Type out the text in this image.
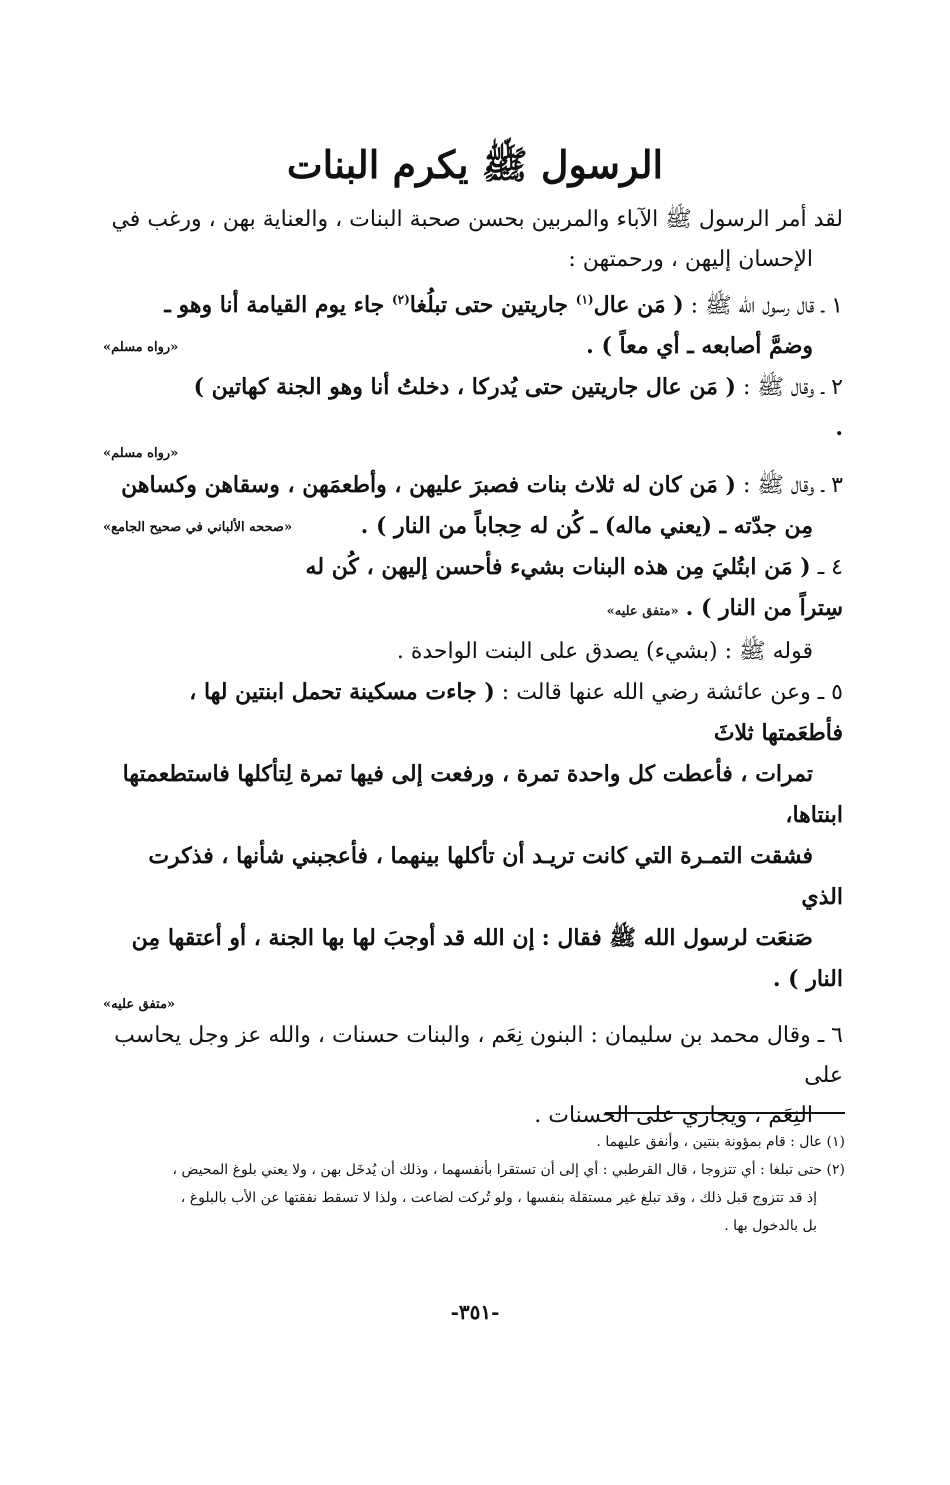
الرسول ﷺ يكرم البنات

لقد أمر الرسول ﷺ الآباء والمربين بحسن صحبة البنات ، والعناية بهن ، ورغب في
الإحسان إليهن ، ورحمتهن :

١ ـ قال رسول الله ﷺ : ( مَن عال$^{(١)}$ جاريتين حتى تبلُغا$^{(٢)}$ جاء يوم القيامة أنا وهو ـ
وضمَّ أصابعه ـ أي معاً ) .
«رواه مسلم»
٢ ـ وقال ﷺ : ( مَن عال جاريتين حتى يُدركا ، دخلتُ أنا وهو الجنة كهاتين ) .

«رواه مسلم»

٣ ـ وقال ﷺ : ( مَن كان له ثلاث بنات فصبرَ عليهن ، وأطعمَهن ، وسقاهن وكساهن
مِن جدّته ـ (يعني ماله) ـ كُن له حِجاباً من النار ) .
«صححه الألباني في صحيح الجامع»
٤ ـ ( مَن ابتُليَ مِن هذه البنات بشيء فأحسن إليهن ، كُن له سِتراً من النار ) . «متفق عليه»
قوله ﷺ : (بشيء) يصدق على البنت الواحدة .
٥ ـ وعن عائشة رضي الله عنها قالت : ( جاءت مسكينة تحمل ابنتين لها ، فأطعَمتها ثلاثَ
تمرات ، فأعطت كل واحدة تمرة ، ورفعت إلى فيها تمرة لِتأكلها فاستطعمتها ابنتاها،
فشقت التمـرة التي كانت تريـد أن تأكلها بينهما ، فأعجبني شأنها ، فذكرت الذي
صَنعَت لرسول الله ﷺ فقال : إن الله قد أوجبَ لها بها الجنة ، أو أعتقها مِن النار ) .

«متفق عليه»

٦ ـ وقال محمد بن سليمان : البنون نِعَم ، والبنات حسنات ، والله عز وجل يحاسب على
النِعَم ، ويجازي على الحسنات .

(١) عال : قام بمؤونة بنتين ، وأنفق عليهما .

(٢) حتى تبلغا : أي تتزوجا ، قال القرطبي : أي إلى أن تستقرا بأنفسهما ، وذلك أن يُدخَل بهن ، ولا يعني بلوغ المحيض ،
إذ قد تتزوج قبل ذلك ، وقد تبلغ غير مستقلة بنفسها ، ولو تُركت لضاعت ، ولذا لا تسقط نفقتها عن الأب بالبلوغ ،
بل بالدخول بها .

-٣٥١-
